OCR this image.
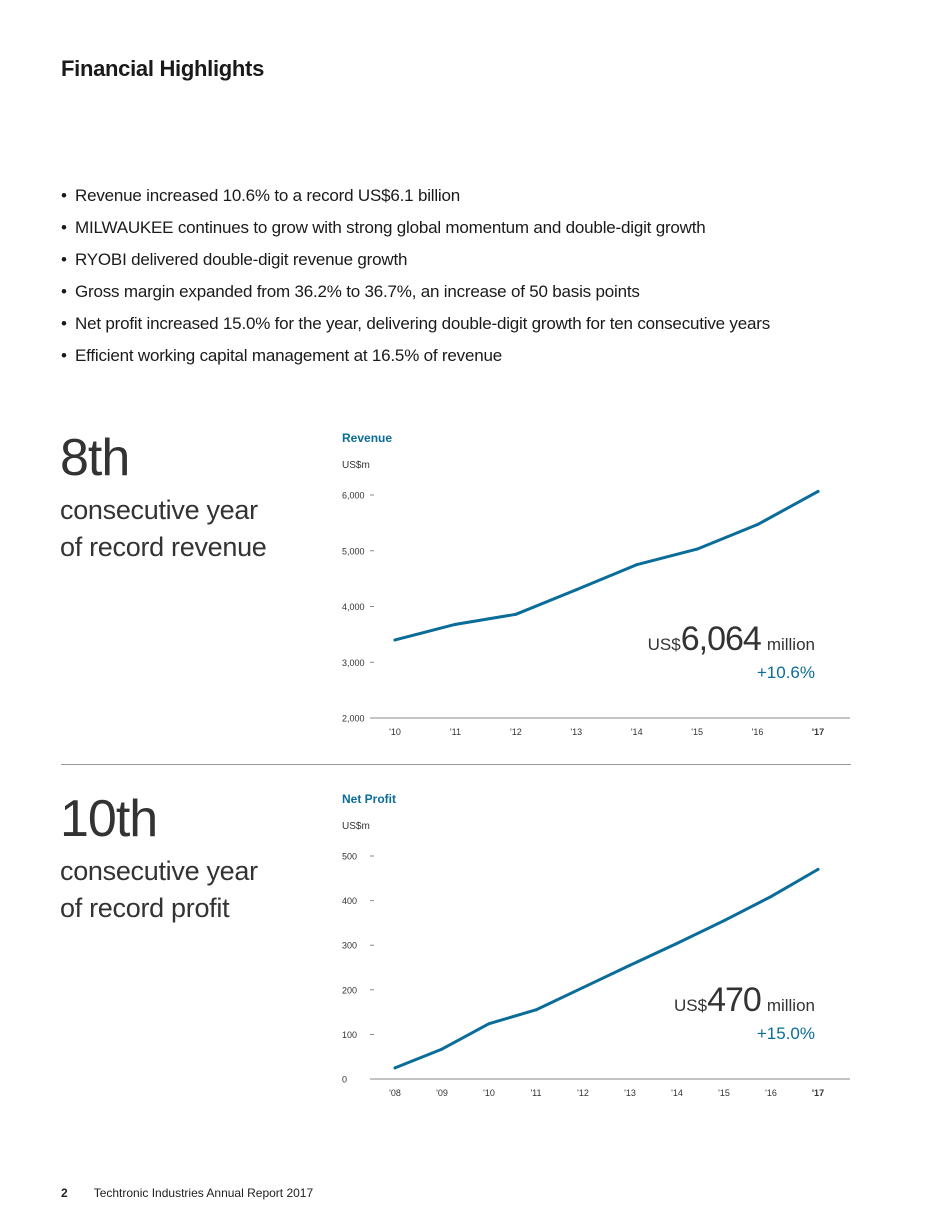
Financial Highlights
• Revenue increased 10.6% to a record US$6.1 billion
• MILWAUKEE continues to grow with strong global momentum and double-digit growth
• RYOBI delivered double-digit revenue growth
• Gross margin expanded from 36.2% to 36.7%, an increase of 50 basis points
• Net profit increased 15.0% for the year, delivering double-digit growth for ten consecutive years
• Efficient working capital management at 16.5% of revenue
8th
consecutive year
of record revenue
Revenue
US$m
2,000
3,000
4,000
5,000
6,000
'10	'11	'12	'13	'14	'15	'16	'17
US$6,064 million
+10.6%
10th
consecutive year
of record profit
Net Profit
US$m
0
100
200
300
400
500
'08	'09	'10	'11	'12	'13	'14	'15	'16	'17
US$470 million
+15.0%
2 Techtronic Industries Annual Report 2017
